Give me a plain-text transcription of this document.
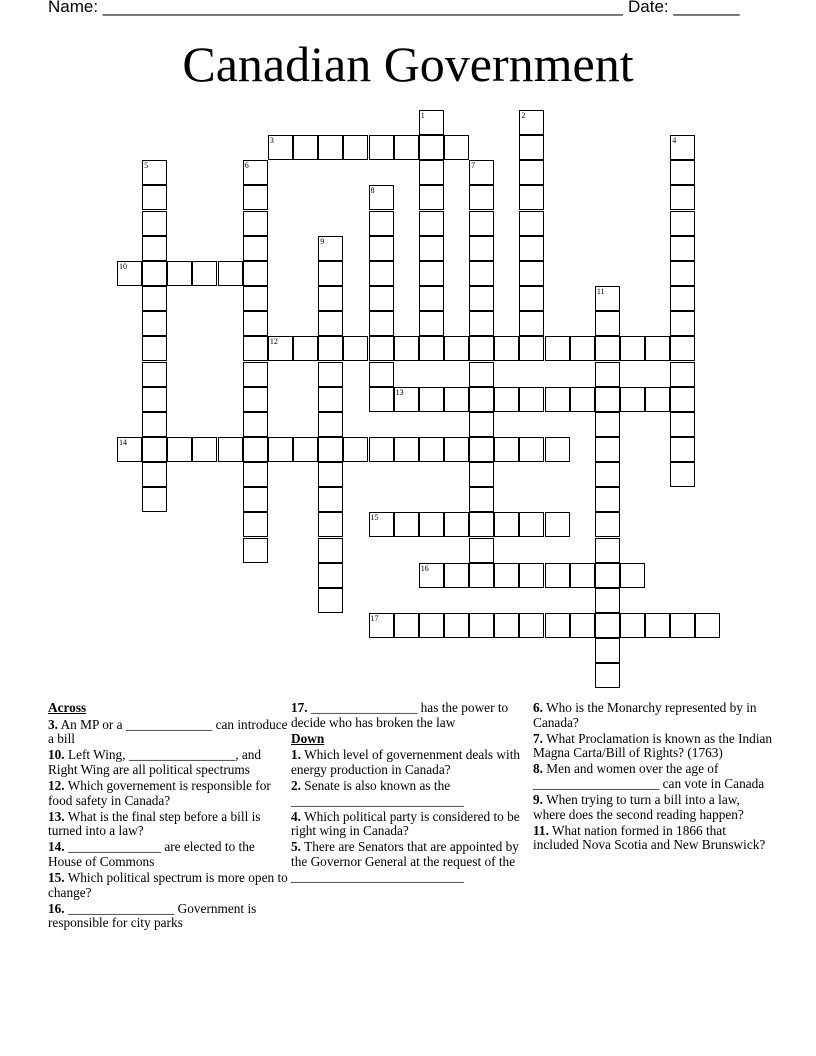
Name: _______________________________________________________

Date: _______

Canadian Government
1	2
3	4
5	6	7
8
9
10
11
12
13
14
15
16
17
Across
3. An MP or a _____________ can introduce a bill
10. Left Wing, ________________, and Right Wing are all political spectrums
12. Which governement is responsible for food safety in Canada?
13. What is the final step before a bill is turned into a law?
14. ______________ are elected to the House of Commons
15. Which political spectrum is more open to change?
16. ________________ Government is responsible for city parks
17. ________________ has the power to decide who has broken the law
Down
1. Which level of governenment deals with energy production in Canada?
2. Senate is also known as the
__________________________
4. Which political party is considered to be right wing in Canada?
5. There are Senators that are appointed by the Governor General at the request of the
__________________________
6. Who is the Monarchy represented by in Canada?
7. What Proclamation is known as the Indian Magna Carta/Bill of Rights? (1763)
8. Men and women over the age of ___________________ can vote in Canada
9. When trying to turn a bill into a law, where does the second reading happen?
11. What nation formed in 1866 that included Nova Scotia and New Brunswick?
